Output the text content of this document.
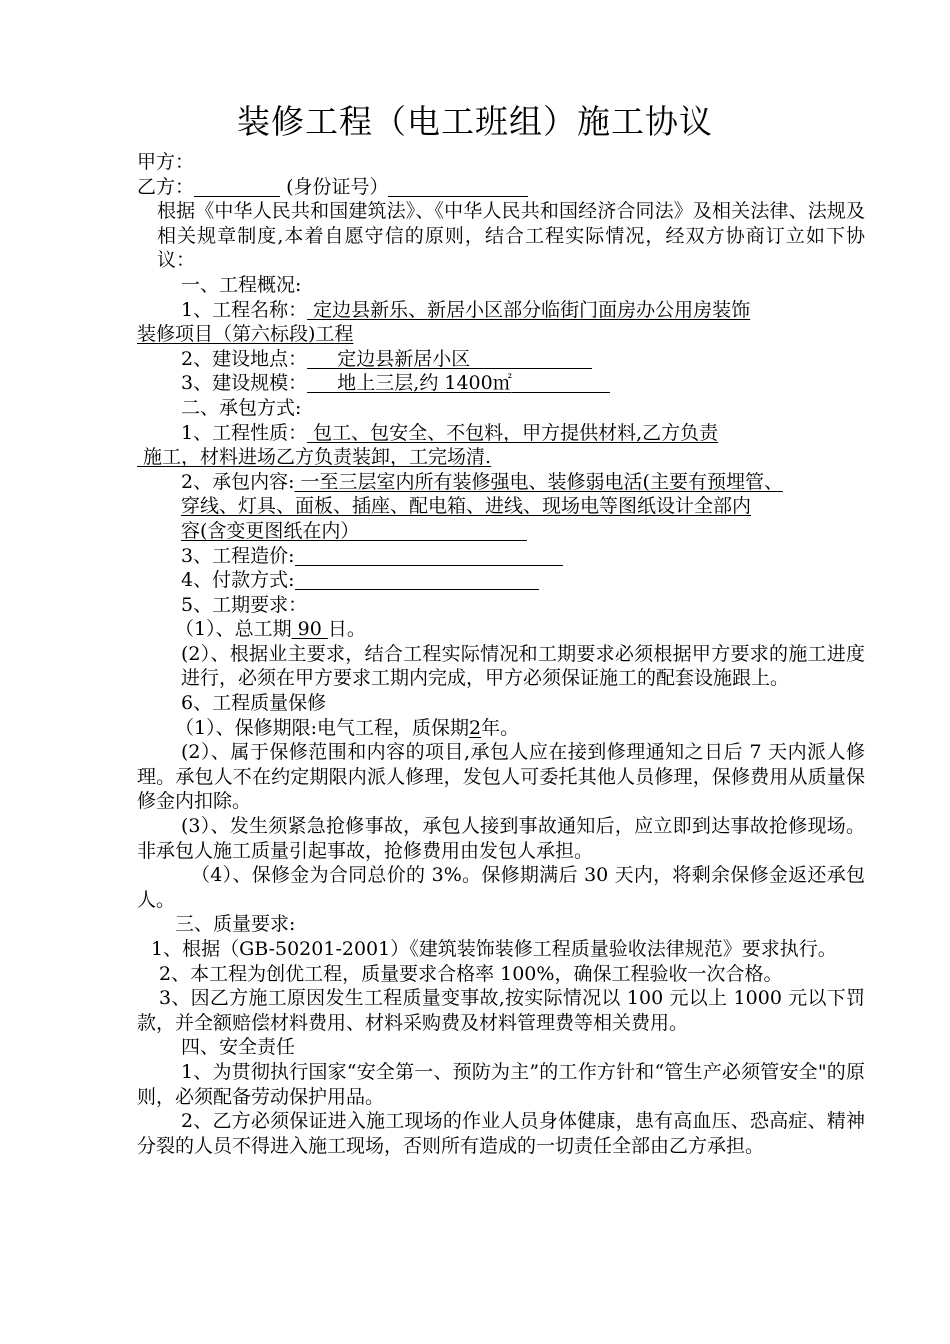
装修工程（电工班组）施工协议

甲方：

乙方：	(身份证号）

根据《中华人民共和国建筑法》、《中华人民共和国经济合同法》及相关法律、法规及相关规章制度,本着自愿守信的原则，结合工程实际情况，经双方协商订立如下协议：

一、工程概况:

1、工程名称： 定边县新乐、新居小区部分临街门面房办公用房装饰

装修项目（第六标段)工程

2、建设地点：     定边县新居小区

3、建设规模：     地上三层,约 1400㎡

二、承包方式:

1、工程性质： 包工、包安全、不包料，甲方提供材料,乙方负责

施工，材料进场乙方负责装卸，工完场清.

2、承包内容: 一至三层室内所有装修强电、装修弱电活(主要有预埋管、

穿线、灯具、面板、插座、配电箱、进线、现场电等图纸设计全部内

容(含变更图纸在内）

3、工程造价:

4、付款方式:

5、工期要求：

（1）、总工期 90 日。

(2）、根据业主要求，结合工程实际情况和工期要求必须根据甲方要求的施工进度进行，必须在甲方要求工期内完成，甲方必须保证施工的配套设施跟上。

6、工程质量保修

（1）、保修期限:电气工程，质保期2年。

(2）、属于保修范围和内容的项目,承包人应在接到修理通知之日后 7 天内派人修理。承包人不在约定期限内派人修理，发包人可委托其他人员修理，保修费用从质量保修金内扣除。

(3）、发生须紧急抢修事故，承包人接到事故通知后，应立即到达事故抢修现场。非承包人施工质量引起事故，抢修费用由发包人承担。

（4）、保修金为合同总价的 3%。保修期满后 30 天内，将剩余保修金返还承包人。

三、质量要求:

1、根据（GB-50201-2001）《建筑装饰装修工程质量验收法律规范》要求执行。

2、本工程为创优工程，质量要求合格率 100%，确保工程验收一次合格。

3、因乙方施工原因发生工程质量变事故,按实际情况以 100 元以上 1000 元以下罚款，并全额赔偿材料费用、材料采购费及材料管理费等相关费用。

四、安全责任

1、为贯彻执行国家“安全第一、预防为主”的工作方针和“管生产必须管安全"的原则，必须配备劳动保护用品。

2、乙方必须保证进入施工现场的作业人员身体健康，患有高血压、恐高症、精神分裂的人员不得进入施工现场，否则所有造成的一切责任全部由乙方承担。
